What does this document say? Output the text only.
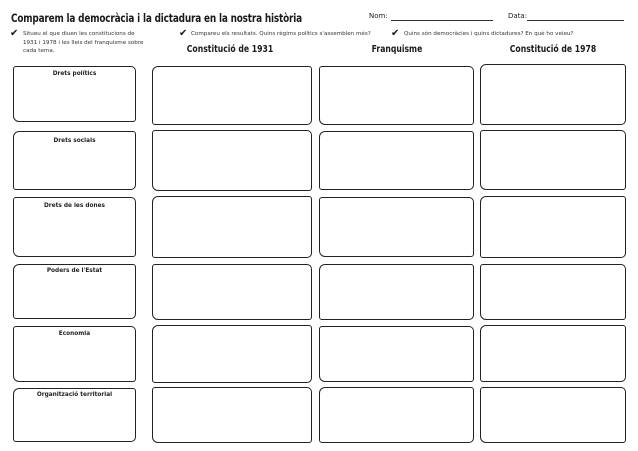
Comparem la democràcia i la dictadura en la nostra història	Nom:	Data:
✔ Situeu el que diuen les constitucions de 1931 i 1978 i les lleis del franquisme sobre cada tema.
✔ Compareu els resultats. Quins règims polítics s'assemblen més? ✔ Quins són democràcies i quins dictadures? En què ho veieu?
Constitució de 1931	Franquisme	Constitució de 1978
Drets polítics
Drets socials
Drets de les dones
Poders de l'Estat
Economia
Organització territorial
